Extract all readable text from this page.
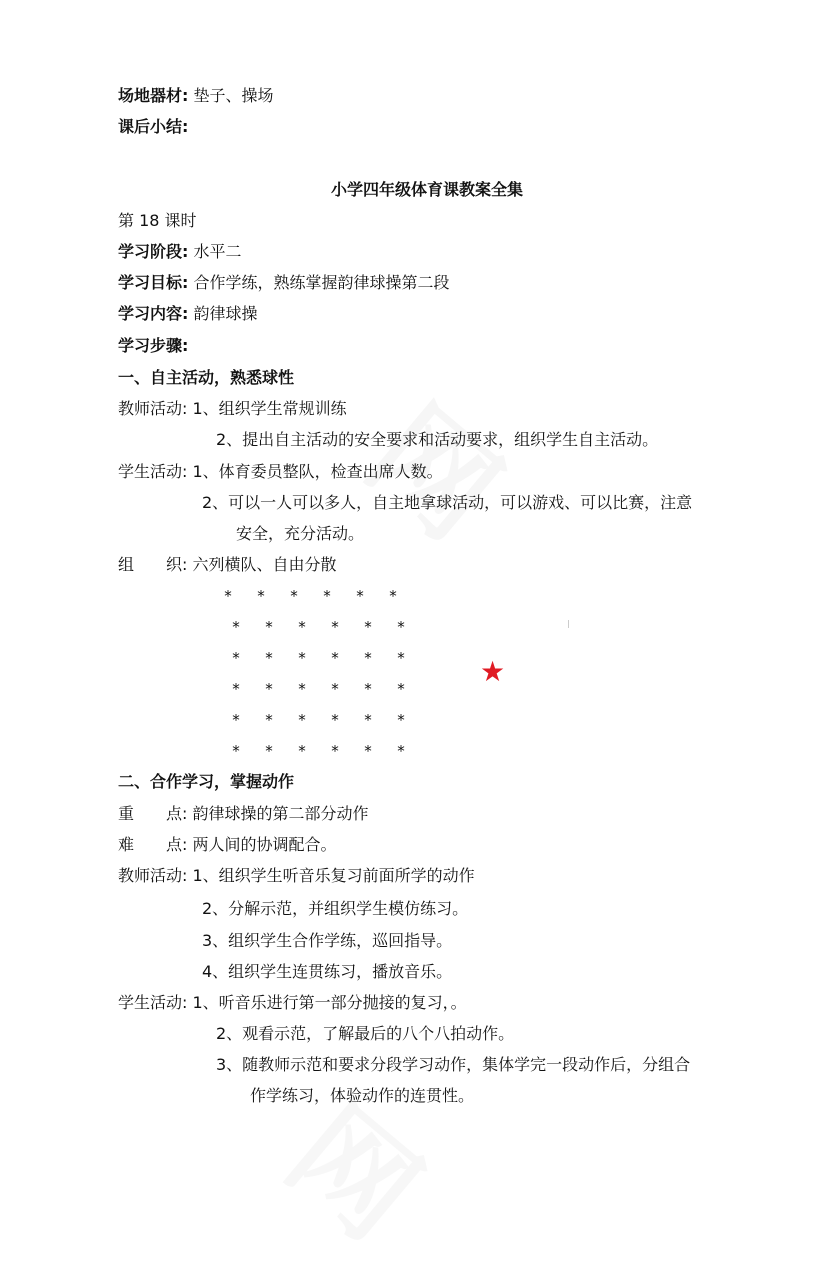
场地器材: 垫子、操场
课后小结:
小学四年级体育课教案全集
第 18 课时
学习阶段: 水平二
学习目标: 合作学练，熟练掌握韵律球操第二段
学习内容: 韵律球操
学习步骤:
一、自主活动，熟悉球性
教师活动: 1、组织学生常规训练
2、提出自主活动的安全要求和活动要求，组织学生自主活动。
学生活动: 1、体育委员整队，检查出席人数。
2、可以一人可以多人，自主地拿球活动，可以游戏、可以比赛，注意
安全，充分活动。
组　　织: 六列横队、自由分散
*	*	*	*	*	*
*	*	*	*	*	*
*	*	*	*	*	*
*	*	*	*	*	*
*	*	*	*	*	*
*	*	*	*	*	*
★
二、合作学习，掌握动作
重　　点: 韵律球操的第二部分动作
难　　点: 两人间的协调配合。
教师活动: 1、组织学生听音乐复习前面所学的动作
2、分解示范，并组织学生模仿练习。
3、组织学生合作学练，巡回指导。
4、组织学生连贯练习，播放音乐。
学生活动: 1、听音乐进行第一部分抛接的复习，。
2、观看示范，了解最后的八个八拍动作。
3、随教师示范和要求分段学习动作，集体学完一段动作后，分组合
作学练习，体验动作的连贯性。
